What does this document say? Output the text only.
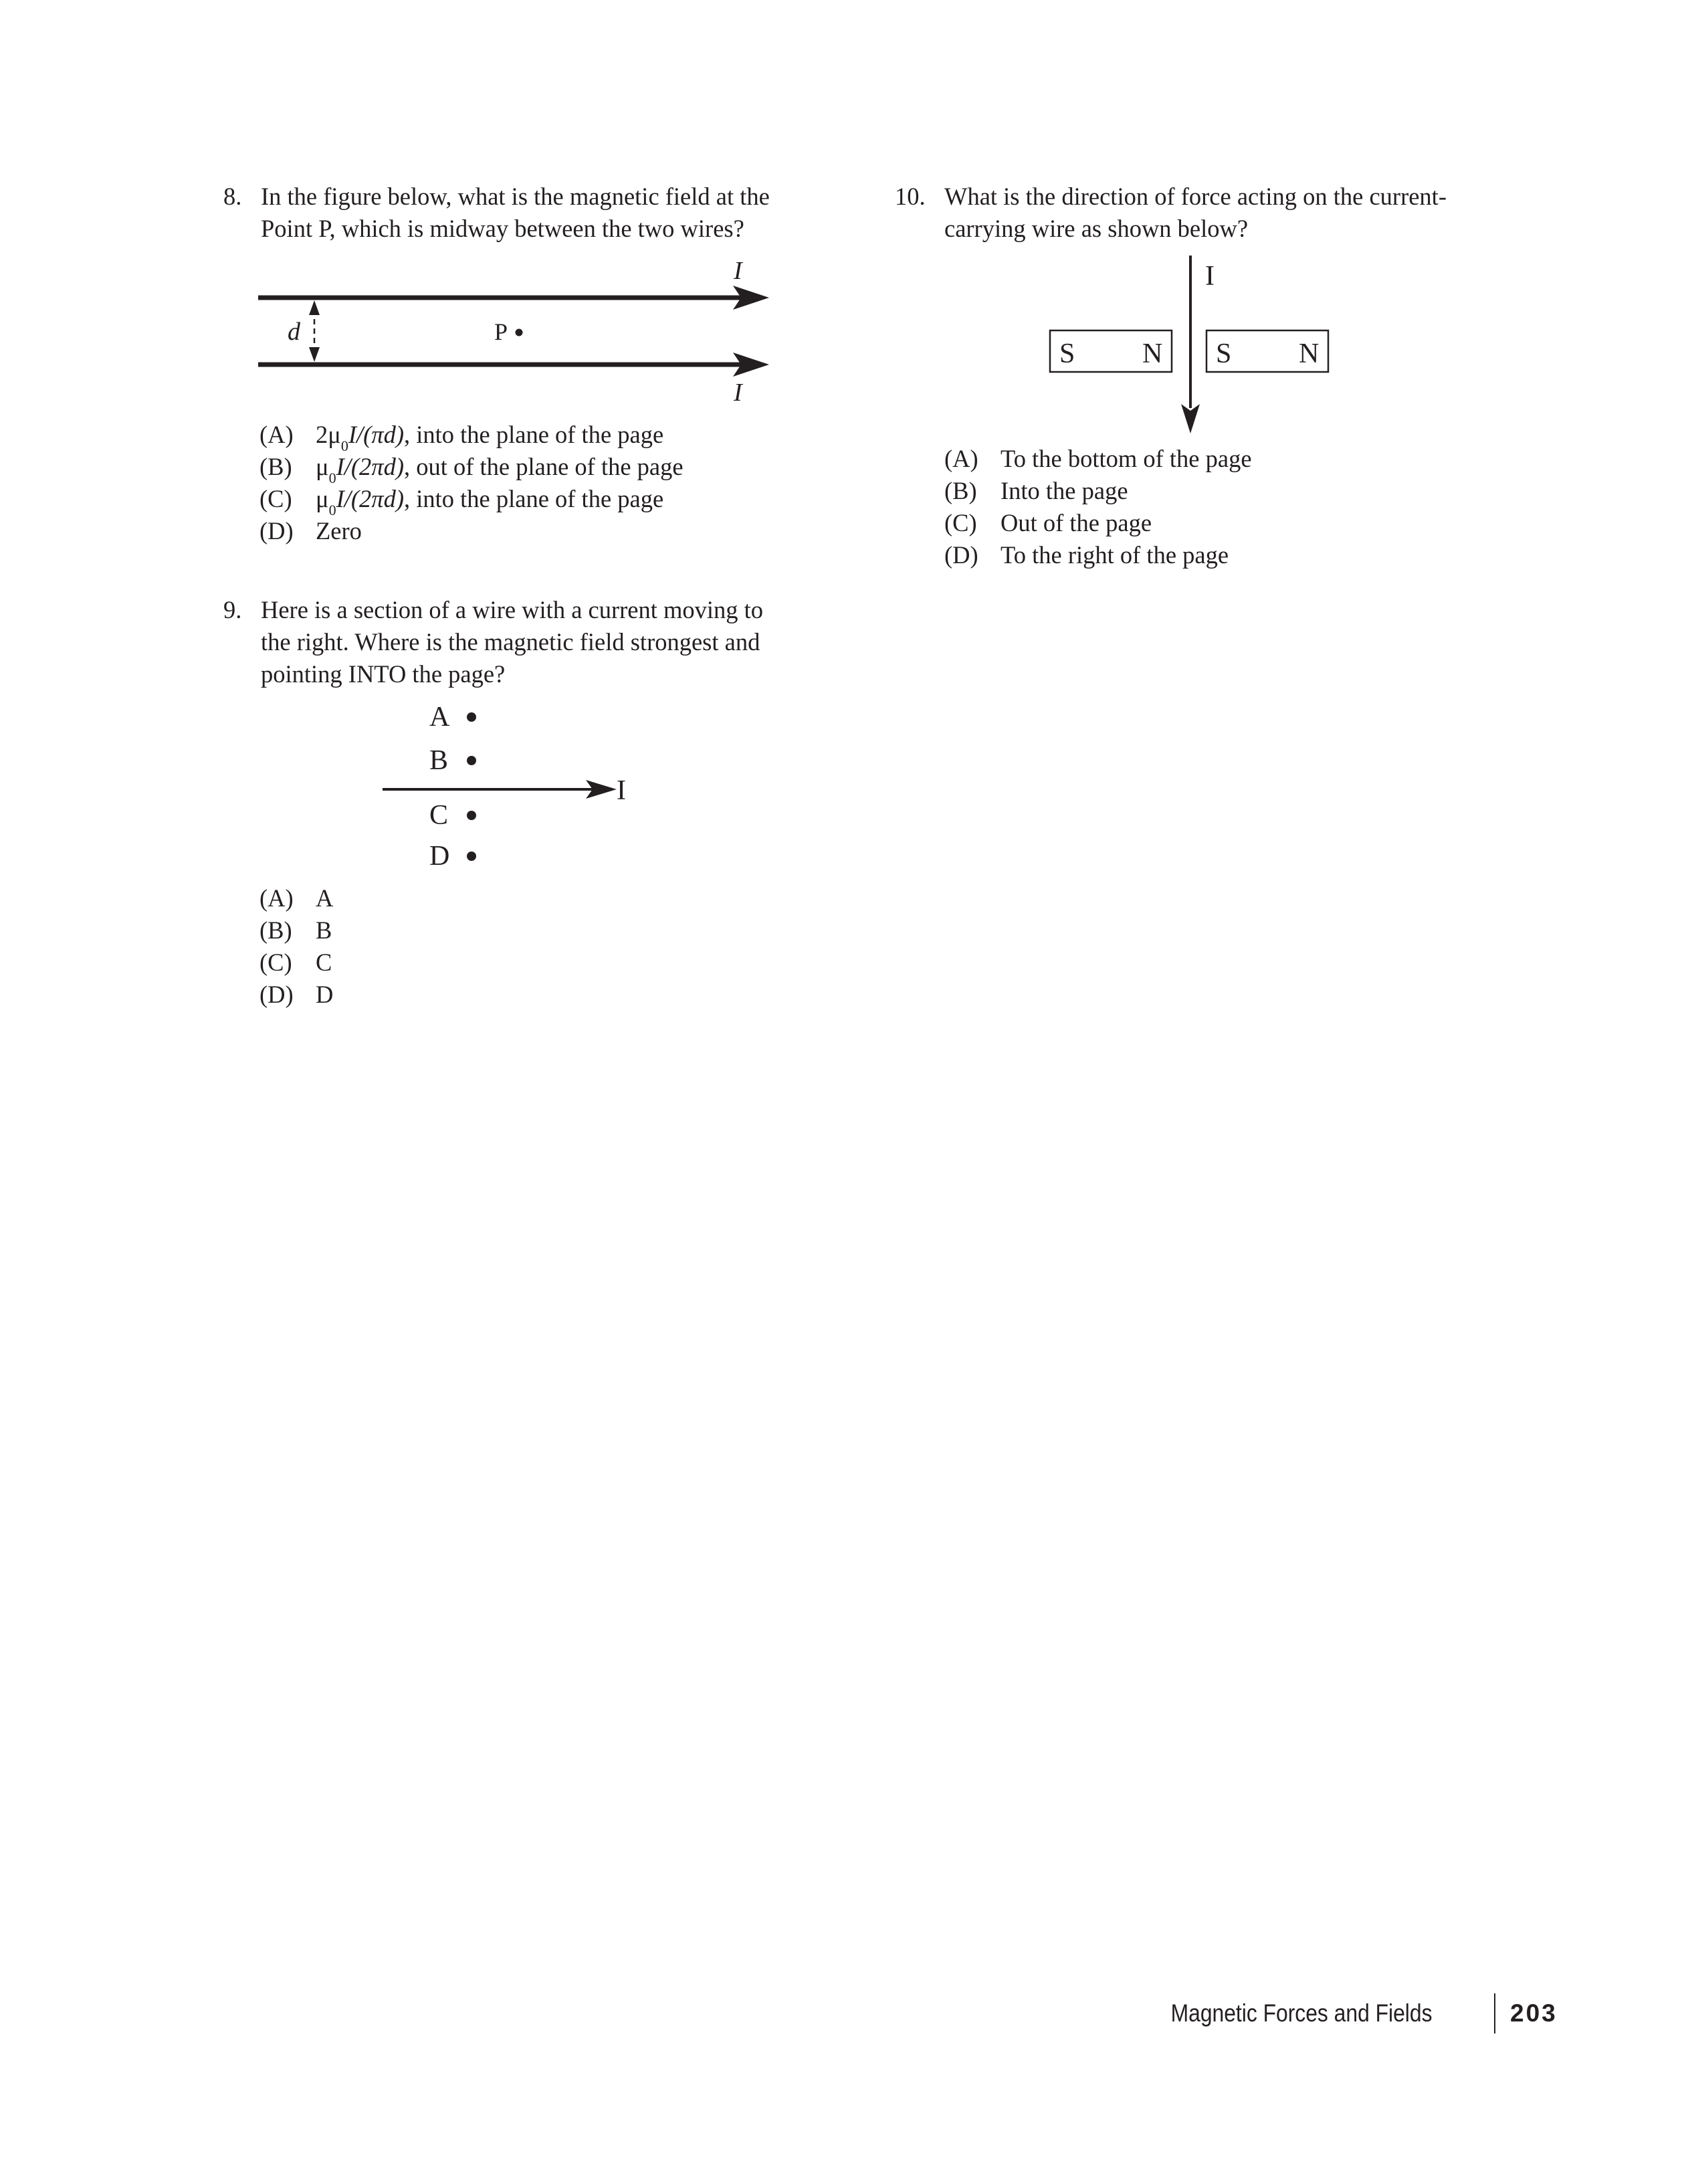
8. In the figure below, what is the magnetic field at the
Point P, which is midway between the two wires?
I
d	P
I
(A) $2\mu_0I/(\pi d)$, into the plane of the page
(B) $\mu_0I/(2\pi d)$, out of the plane of the page
(C) $\mu_0I/(2\pi d)$, into the plane of the page
(D) Zero
9. Here is a section of a wire with a current moving to
the right. Where is the magnetic field strongest and
pointing INTO the page?
A
B
I
C
D
(A) A
(B) B
(C) C
(D) D
10. What is the direction of force acting on the current-
carrying wire as shown below?
I
S N S N
(A) To the bottom of the page
(B) Into the page
(C) Out of the page
(D) To the right of the page
Magnetic Forces and Fields	203
